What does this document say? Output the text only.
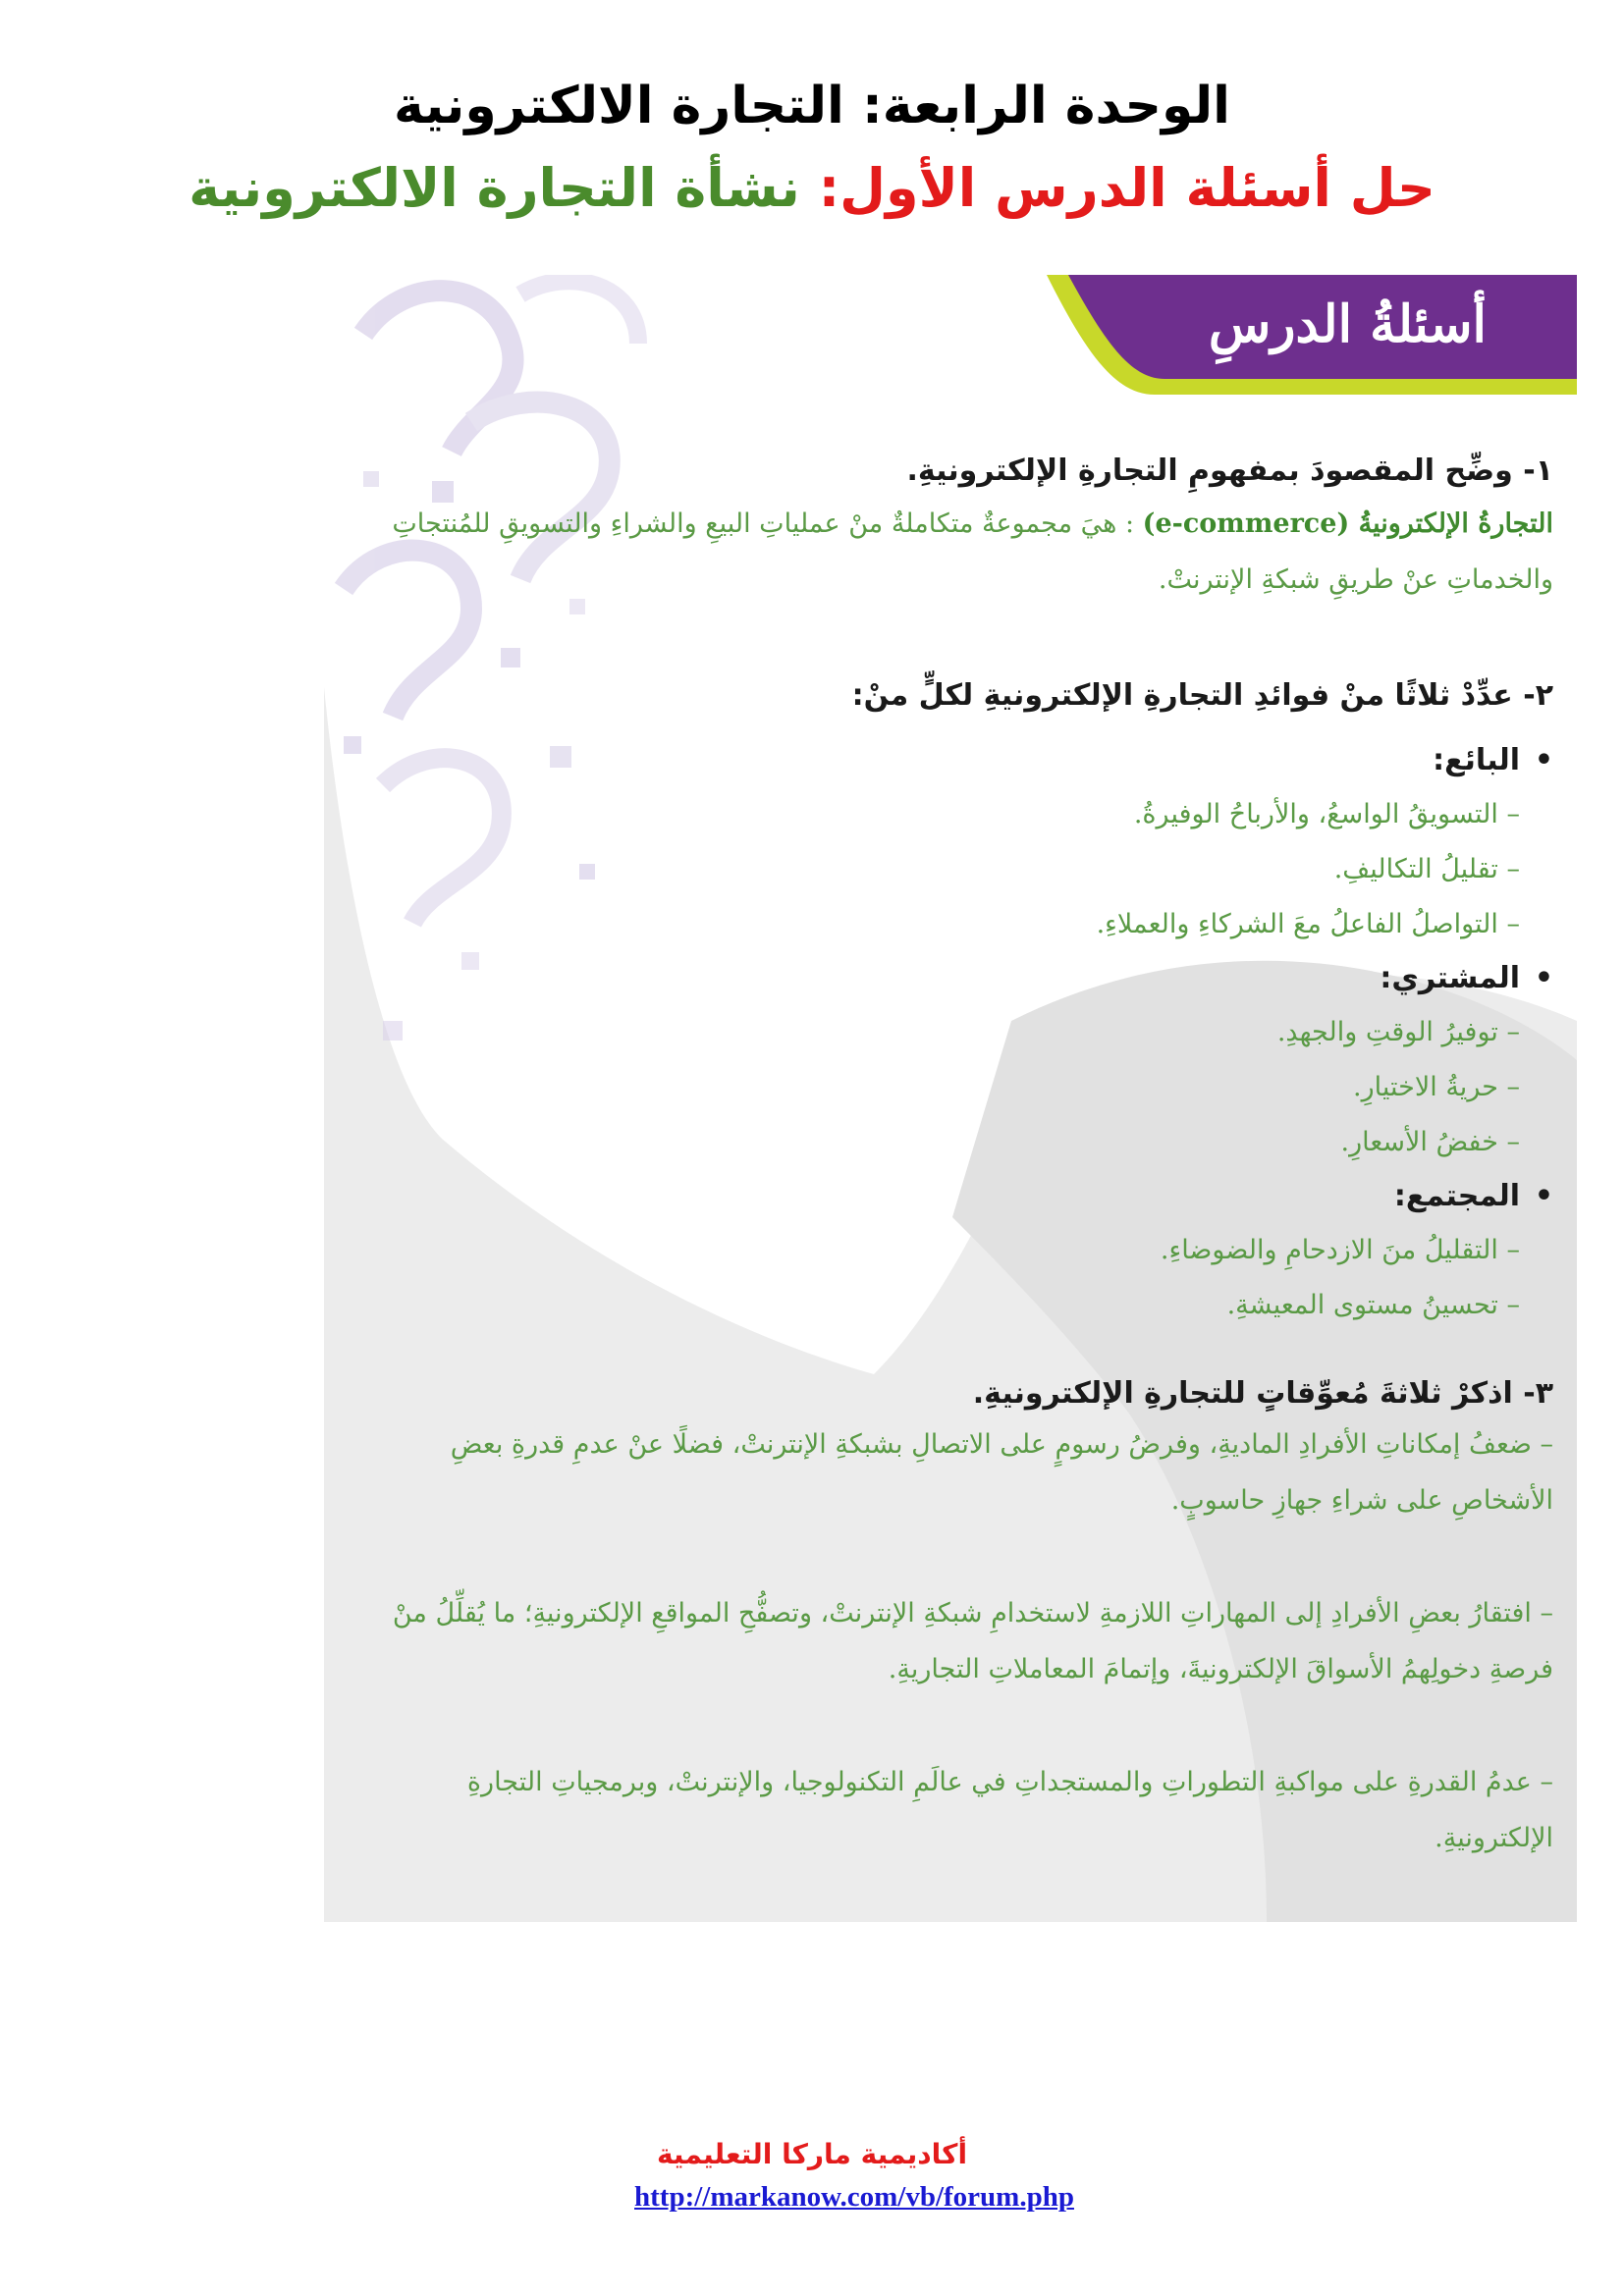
الوحدة الرابعة: التجارة الالكترونية
حل أسئلة الدرس الأول: نشأة التجارة الالكترونية
أسئلةُ الدرسِ

١- وضِّح المقصودَ بمفهومِ التجارةِ الإلكترونيةِ.

التجارةُ الإلكترونيةُ (e-commerce) : هيَ مجموعةٌ متكاملةٌ منْ عملياتِ البيعِ والشراءِ والتسويقِ للمُنتجاتِ والخدماتِ عنْ طريقِ شبكةِ الإنترنتْ.

٢- عدِّدْ ثلاثًا منْ فوائدِ التجارةِ الإلكترونيةِ لكلٍّ منْ:

• البائع:

– التسويقُ الواسعُ، والأرباحُ الوفيرةُ.
– تقليلُ التكاليفِ.
– التواصلُ الفاعلُ معَ الشركاءِ والعملاءِ.

• المشتري:

– توفيرُ الوقتِ والجهدِ.
– حريةُ الاختيارِ.
– خفضُ الأسعارِ.

• المجتمع:

– التقليلُ منَ الازدحامِ والضوضاءِ.
– تحسينُ مستوى المعيشةِ.

٣- اذكرْ ثلاثةَ مُعوِّقاتٍ للتجارةِ الإلكترونيةِ.

– ضعفُ إمكاناتِ الأفرادِ الماديةِ، وفرضُ رسومٍ على الاتصالِ بشبكةِ الإنترنتْ، فضلًا عنْ عدمِ قدرةِ بعضِ الأشخاصِ على شراءِ جهازِ حاسوبٍ.
– افتقارُ بعضِ الأفرادِ إلى المهاراتِ اللازمةِ لاستخدامِ شبكةِ الإنترنتْ، وتصفُّحِ المواقعِ الإلكترونيةِ؛ ما يُقلِّلُ منْ فرصةِ دخولِهمُ الأسواقَ الإلكترونيةَ، وإتمامَ المعاملاتِ التجاريةِ.
– عدمُ القدرةِ على مواكبةِ التطوراتِ والمستجداتِ في عالَمِ التكنولوجيا، والإنترنتْ، وبرمجياتِ التجارةِ الإلكترونيةِ.
أكاديمية ماركا التعليمية
http://markanow.com/vb/forum.php
